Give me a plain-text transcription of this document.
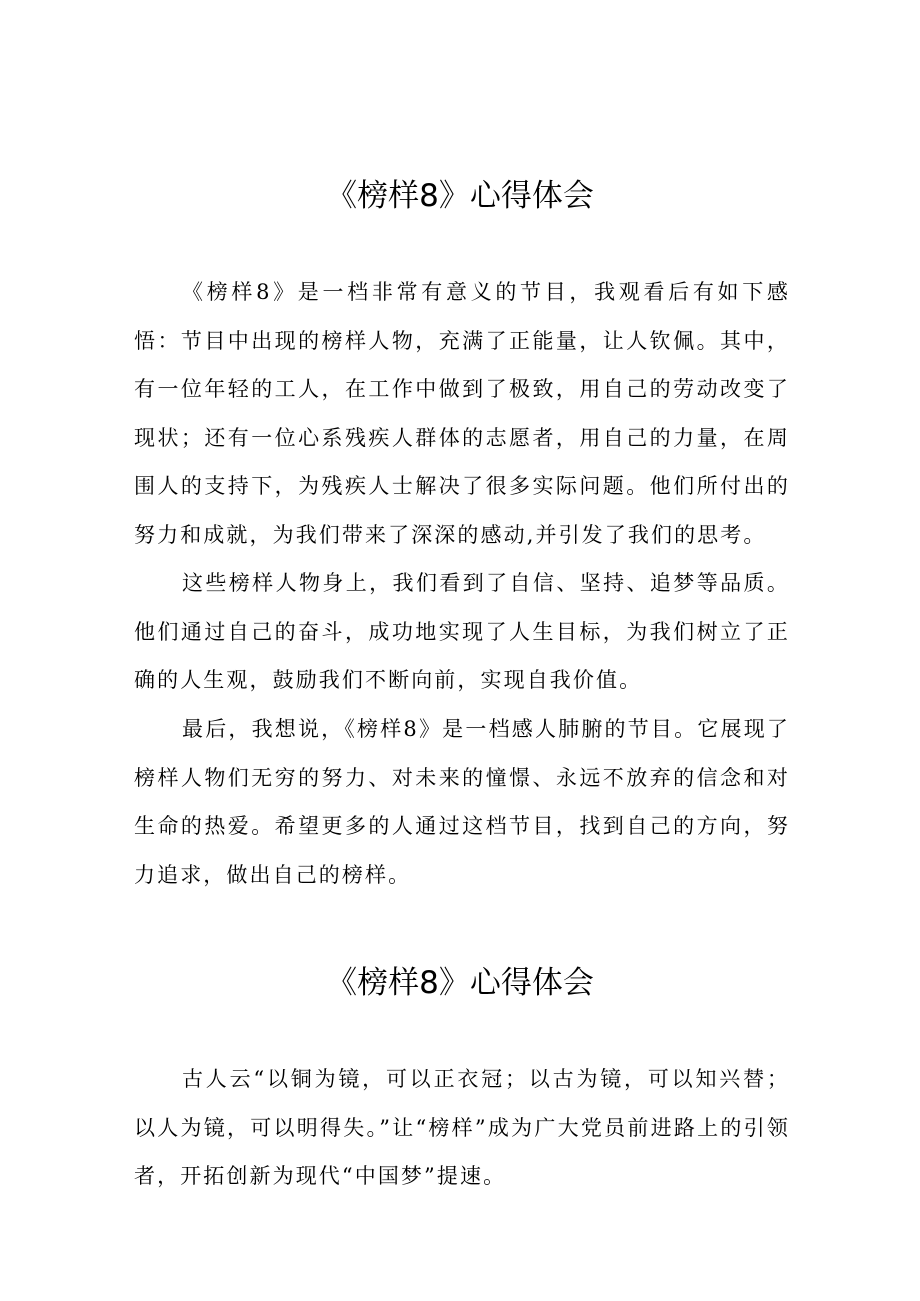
《榜样8》心得体会

《榜样8》是一档非常有意义的节目，我观看后有如下感悟：节目中出现的榜样人物，充满了正能量，让人钦佩。其中，有一位年轻的工人，在工作中做到了极致，用自己的劳动改变了现状；还有一位心系残疾人群体的志愿者，用自己的力量，在周围人的支持下，为残疾人士解决了很多实际问题。他们所付出的努力和成就，为我们带来了深深的感动,并引发了我们的思考。

这些榜样人物身上，我们看到了自信、坚持、追梦等品质。他们通过自己的奋斗，成功地实现了人生目标，为我们树立了正确的人生观，鼓励我们不断向前，实现自我价值。

最后，我想说，《榜样8》是一档感人肺腑的节目。它展现了榜样人物们无穷的努力、对未来的憧憬、永远不放弃的信念和对生命的热爱。希望更多的人通过这档节目，找到自己的方向，努力追求，做出自己的榜样。

《榜样8》心得体会

古人云“以铜为镜，可以正衣冠；以古为镜，可以知兴替；以人为镜，可以明得失。”让“榜样”成为广大党员前进路上的引领者，开拓创新为现代“中国梦”提速。
